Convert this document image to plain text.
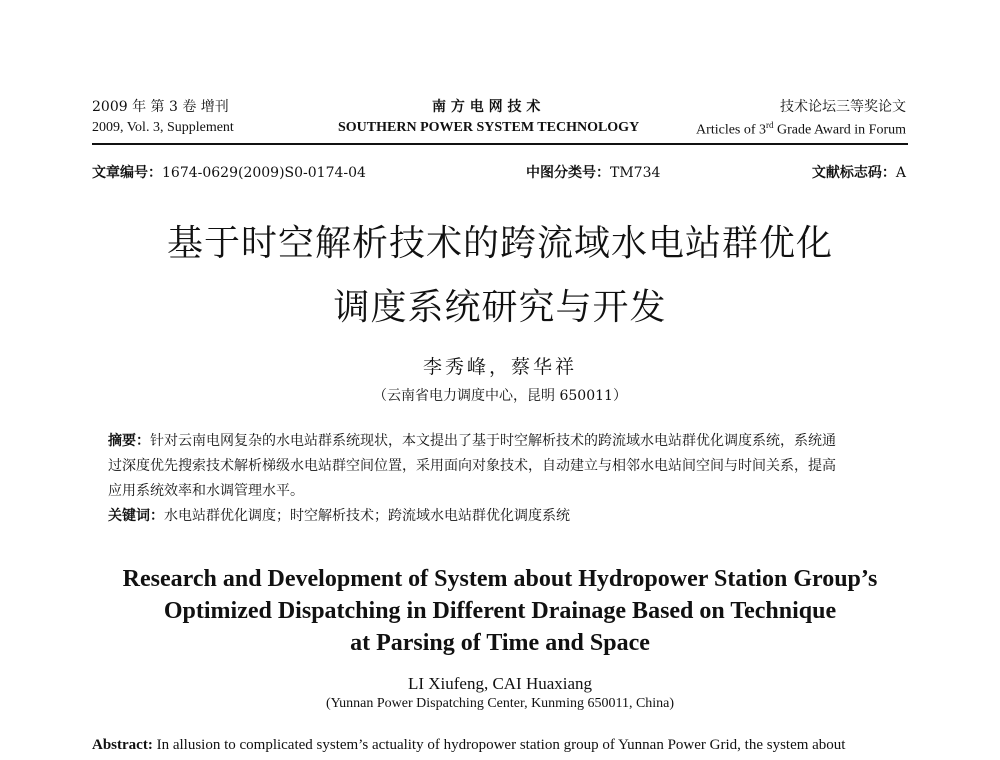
2009 年 第 3 卷 增刊
2009, Vol. 3, Supplement
南 方 电 网 技 术
SOUTHERN POWER SYSTEM TECHNOLOGY
技术论坛三等奖论文
Articles of 3rd Grade Award in Forum
文章编号：1674-0629(2009)S0-0174-04	中图分类号：TM734	文献标志码：A
基于时空解析技术的跨流域水电站群优化
调度系统研究与开发
李秀峰，蔡华祥
（云南省电力调度中心，昆明 650011）
摘要：针对云南电网复杂的水电站群系统现状，本文提出了基于时空解析技术的跨流域水电站群优化调度系统，系统通
过深度优先搜索技术解析梯级水电站群空间位置，采用面向对象技术，自动建立与相邻水电站间空间与时间关系，提高
应用系统效率和水调管理水平。
关键词：水电站群优化调度；时空解析技术；跨流域水电站群优化调度系统
Research and Development of System about Hydropower Station Group’s
Optimized Dispatching in Different Drainage Based on Technique
at Parsing of Time and Space
LI Xiufeng, CAI Huaxiang
(Yunnan Power Dispatching Center, Kunming 650011, China)
Abstract: In allusion to complicated system’s actuality of hydropower station group of Yunnan Power Grid, the system about
